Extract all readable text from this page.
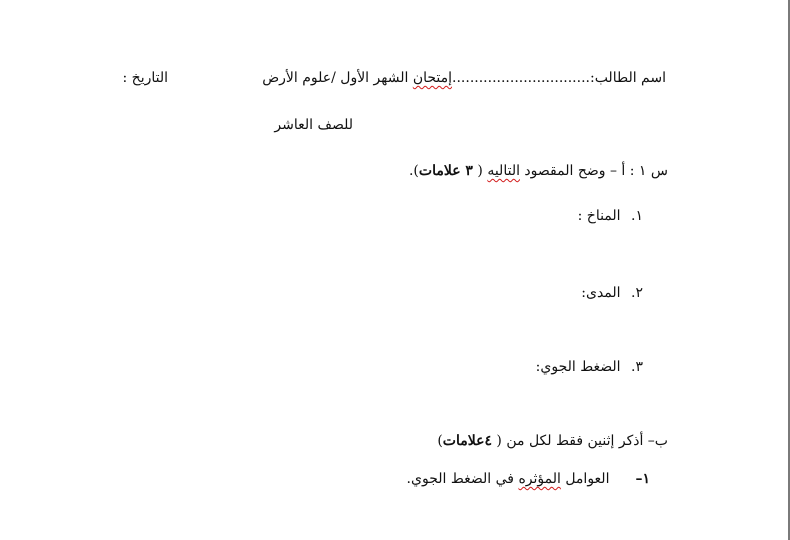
اسم الطالب:...............................إمتحان الشهر الأول /علوم الأرض
التاريخ :
للصف العاشر
س ١ : أ – وضح المقصود التاليه ( ٣ علامات).
١. المناخ :
٢. المدى:
٣. الضغط الجوي:
ب– أذكر إثنين فقط لكل من ( ٤علامات)
١–العوامل المؤثره في الضغط الجوي.
